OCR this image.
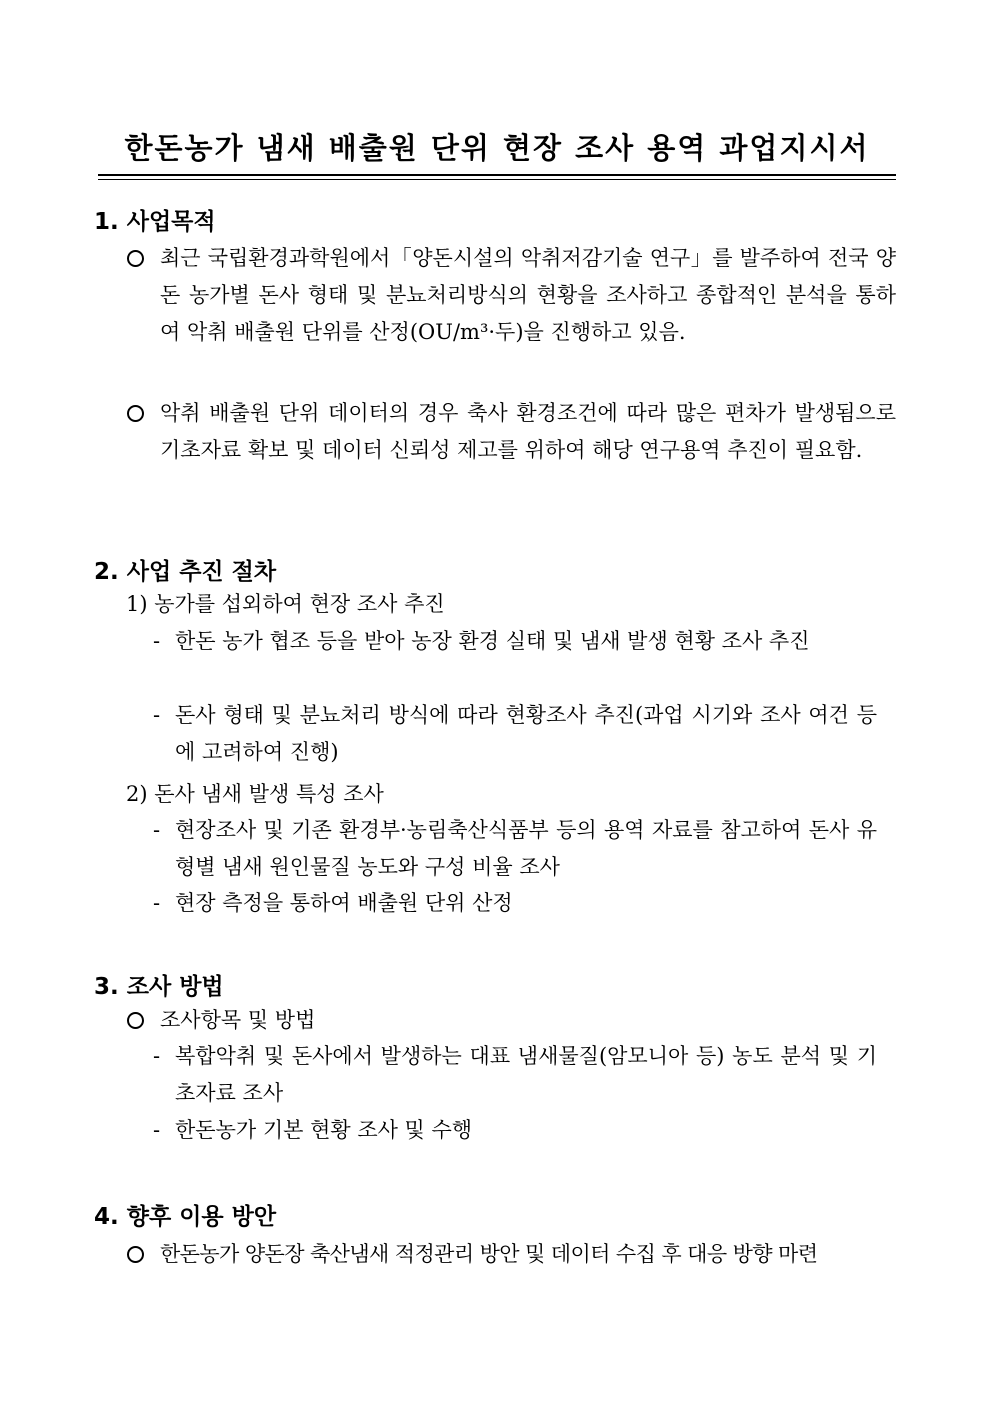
한돈농가 냄새 배출원 단위 현장 조사 용역 과업지시서
1. 사업목적
최근 국립환경과학원에서「양돈시설의 악취저감기술 연구」를 발주하여 전국 양돈 농가별 돈사 형태 및 분뇨처리방식의 현황을 조사하고 종합적인 분석을 통하여 악취 배출원 단위를 산정(OU/m³·두)을 진행하고 있음.
악취 배출원 단위 데이터의 경우 축사 환경조건에 따라 많은 편차가 발생됨으로 기초자료 확보 및 데이터 신뢰성 제고를 위하여 해당 연구용역 추진이 필요함.
2. 사업 추진 절차
1) 농가를 섭외하여 현장 조사 추진
- 한돈 농가 협조 등을 받아 농장 환경 실태 및 냄새 발생 현황 조사 추진
- 돈사 형태 및 분뇨처리 방식에 따라 현황조사 추진(과업 시기와 조사 여건 등에 고려하여 진행)
2) 돈사 냄새 발생 특성 조사
- 현장조사 및 기존 환경부·농림축산식품부 등의 용역 자료를 참고하여 돈사 유형별 냄새 원인물질 농도와 구성 비율 조사
- 현장 측정을 통하여 배출원 단위 산정
3. 조사 방법
조사항목 및 방법
- 복합악취 및 돈사에서 발생하는 대표 냄새물질(암모니아 등) 농도 분석 및 기초자료 조사
- 한돈농가 기본 현황 조사 및 수행
4. 향후 이용 방안
한돈농가 양돈장 축산냄새 적정관리 방안 및 데이터 수집 후 대응 방향 마련
